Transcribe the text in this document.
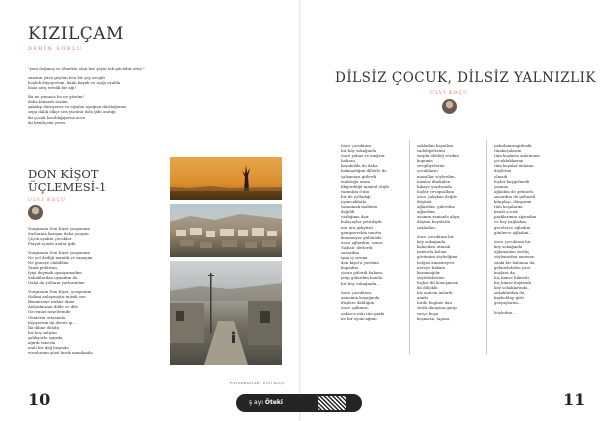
KIZILÇAM
DERİN SORLU
"yeni doğmuş ve ölmekte olan her şeyin tek gücüdür ateş!"
sanatın yüzü geçtim ben bir şey sevgili
boşluk duyuyorum, kanlı kayalı ve açığı eyalda
biziz ateş eredik bir ağı!
Bu ne yamaca bu ne güzüm!
daha bitmedi sözüm
şakalıp duruyoruz ve siyahın ayağına durduğunuz
sepa dalık ölkçe sen yüzünü dolu gibi anıtığı
iki çocuk hacıldığıyoruz aceu
iki kentlçemi yeres.
DON KİŞOT
ÜÇLEMESİ-1
ULVİ KOÇU
Yorgunum Don Kişot yorgunum
Sırtlarına karışan daha yorgun
Çiçek ayakta çocuklar
Paryat içinde anılar gibi
Yorgunum Don Kişot yorgunum
Ne yol dediği mantık ve sanayim
Ne güneşe olabildim
Yanık pehlivan,
İyiyi duymak oynayamadım
Sabahlardan uyandım da
Daha da yolların yarlarından
Yorgunum Don Kişot, yorgunum
Halimi anlaymıştır müzik sen
Benimsene ıraktır dime
Anlatılmasın dilde ve dile
Gecemizi neşelerinde
Günlerin ortasında
Kıyıyorum da dersiz ip...
İki diline döndü
bir boş saliyan
şahlıyorlu sayada,
ağırdı tanesla
atalı bir dağ başında
vurulurum yüzü bırak mamlanda
FOTOĞRAFLAR: ULVİ KOÇU
DİLSİZ ÇOCUK, DİLSİZ YALNIZLIK
ULVİ KOÇU
önce çocuktum
bir köy sokağında
önce yalnız ve mağrur
bahara,
karakolda da daha
bakmadığım dillerle de
çalışmaya gitlerdi
muktoğu umsa
ilkgördüğü mantel etiyle
tazımlım d'nin
bir de yolladığı
oyuncaklarla
tasanmak mahlem
değildi
varlığıma dair
kulaçaylar yetirdiydi
ara ara gökyüzü
ganipsevelim unuttu
konamıyor gülünüde
önce ağlardım, sonra
'baban' derlerdi,
susardım
işim iç sesimi
don kişot'a yordum
kupadım
sonra gülerdi babam,
yitip giderdim banda
bir köy sokağında...
önce çocuktum,
annemin koşağında
düşlere daldığım
önce çalkmaz,
onlarca eski tün parkı
ne bir oyuncağımı
sakladım hayatları
sadeliğelerimi
sarpla ölüdeğ verdim
kopuma
sevgiliyelerini
çocukların
masallar söylerdim,
nizalar dünkülen
hikaye yazılırında
hiçbir cevapsallam
önce çalışkan değile
düşünü
ağlardım, gülerdim
ağlardım,
asanım zamanla ahya,
düştan boyalarla
sakladım..
önce çocuktum bir
köy sokağında
kalnedatı utmadı
yamurlu kolum
görünüm söyledğimi
belgisi annemeyeti
nereye bakam
karamağılır
söyledelerime
hiçbir dil konuşmasa
iki dilçiklü
biz annem anlardı
annki
birde bugüne dan
sözlü dinayma garip
serçe kuşu
koşmasa, tapasa,
yaksdamıragidenki
tümkoşularım
tüm koşların anlatmam
çocukluklarımı
tüm koşular anlatan
düşlerini
olmadı
hiçbir kuşgelmedi
yanıma
ağladım de gelmedi,
susardım de gelmedi
kitaplaşı, dünyanın
tüm koşularını
kendi çocuk
parklarımın ağzından
ve bey yağladım,
gecelerce ağladım
günlerce ağladım...
önce çocuktum bir
köy sokağında
ağlamadan sözlüç
söylemeden anneme
sanki bir babama da,
gelmedebilen yere
kuşlara da,
hiç kimse bilmedi,
hiç kimse duymadı
köy sokaklarında,
sokaklardan da
kayboldup gitti
gözyaşlarım...
böyledim...
10	11
ş ayı Öteki
